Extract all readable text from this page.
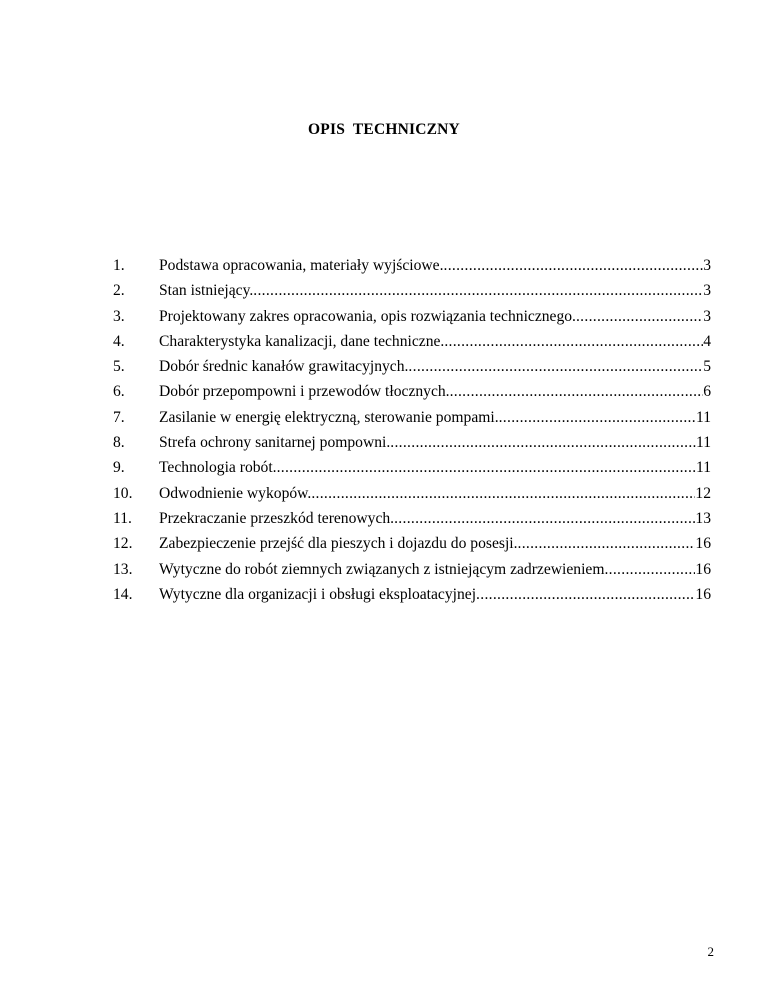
OPIS  TECHNICZNY
1.	Podstawa opracowania, materiały wyjściowe. .....	3
2.	Stan istniejący. .....	3
3.	Projektowany zakres opracowania, opis rozwiązania technicznego. .....	3
4.	Charakterystyka kanalizacji, dane techniczne. .....	4
5.	Dobór średnic kanałów grawitacyjnych. .....	5
6.	Dobór przepompowni i przewodów tłocznych. .....	6
7.	Zasilanie w energię elektryczną, sterowanie pompami. .....	11
8.	Strefa ochrony sanitarnej pompowni. .....	11
9.	Technologia robót. .....	11
10.	Odwodnienie wykopów. .....	12
11.	Przekraczanie przeszkód terenowych. .....	13
12.	Zabezpieczenie przejść dla pieszych i dojazdu do posesji. .....	16
13.	Wytyczne do robót ziemnych związanych z istniejącym zadrzewieniem .....	16
14.	Wytyczne dla organizacji i obsługi eksploatacyjnej .....	16
2
